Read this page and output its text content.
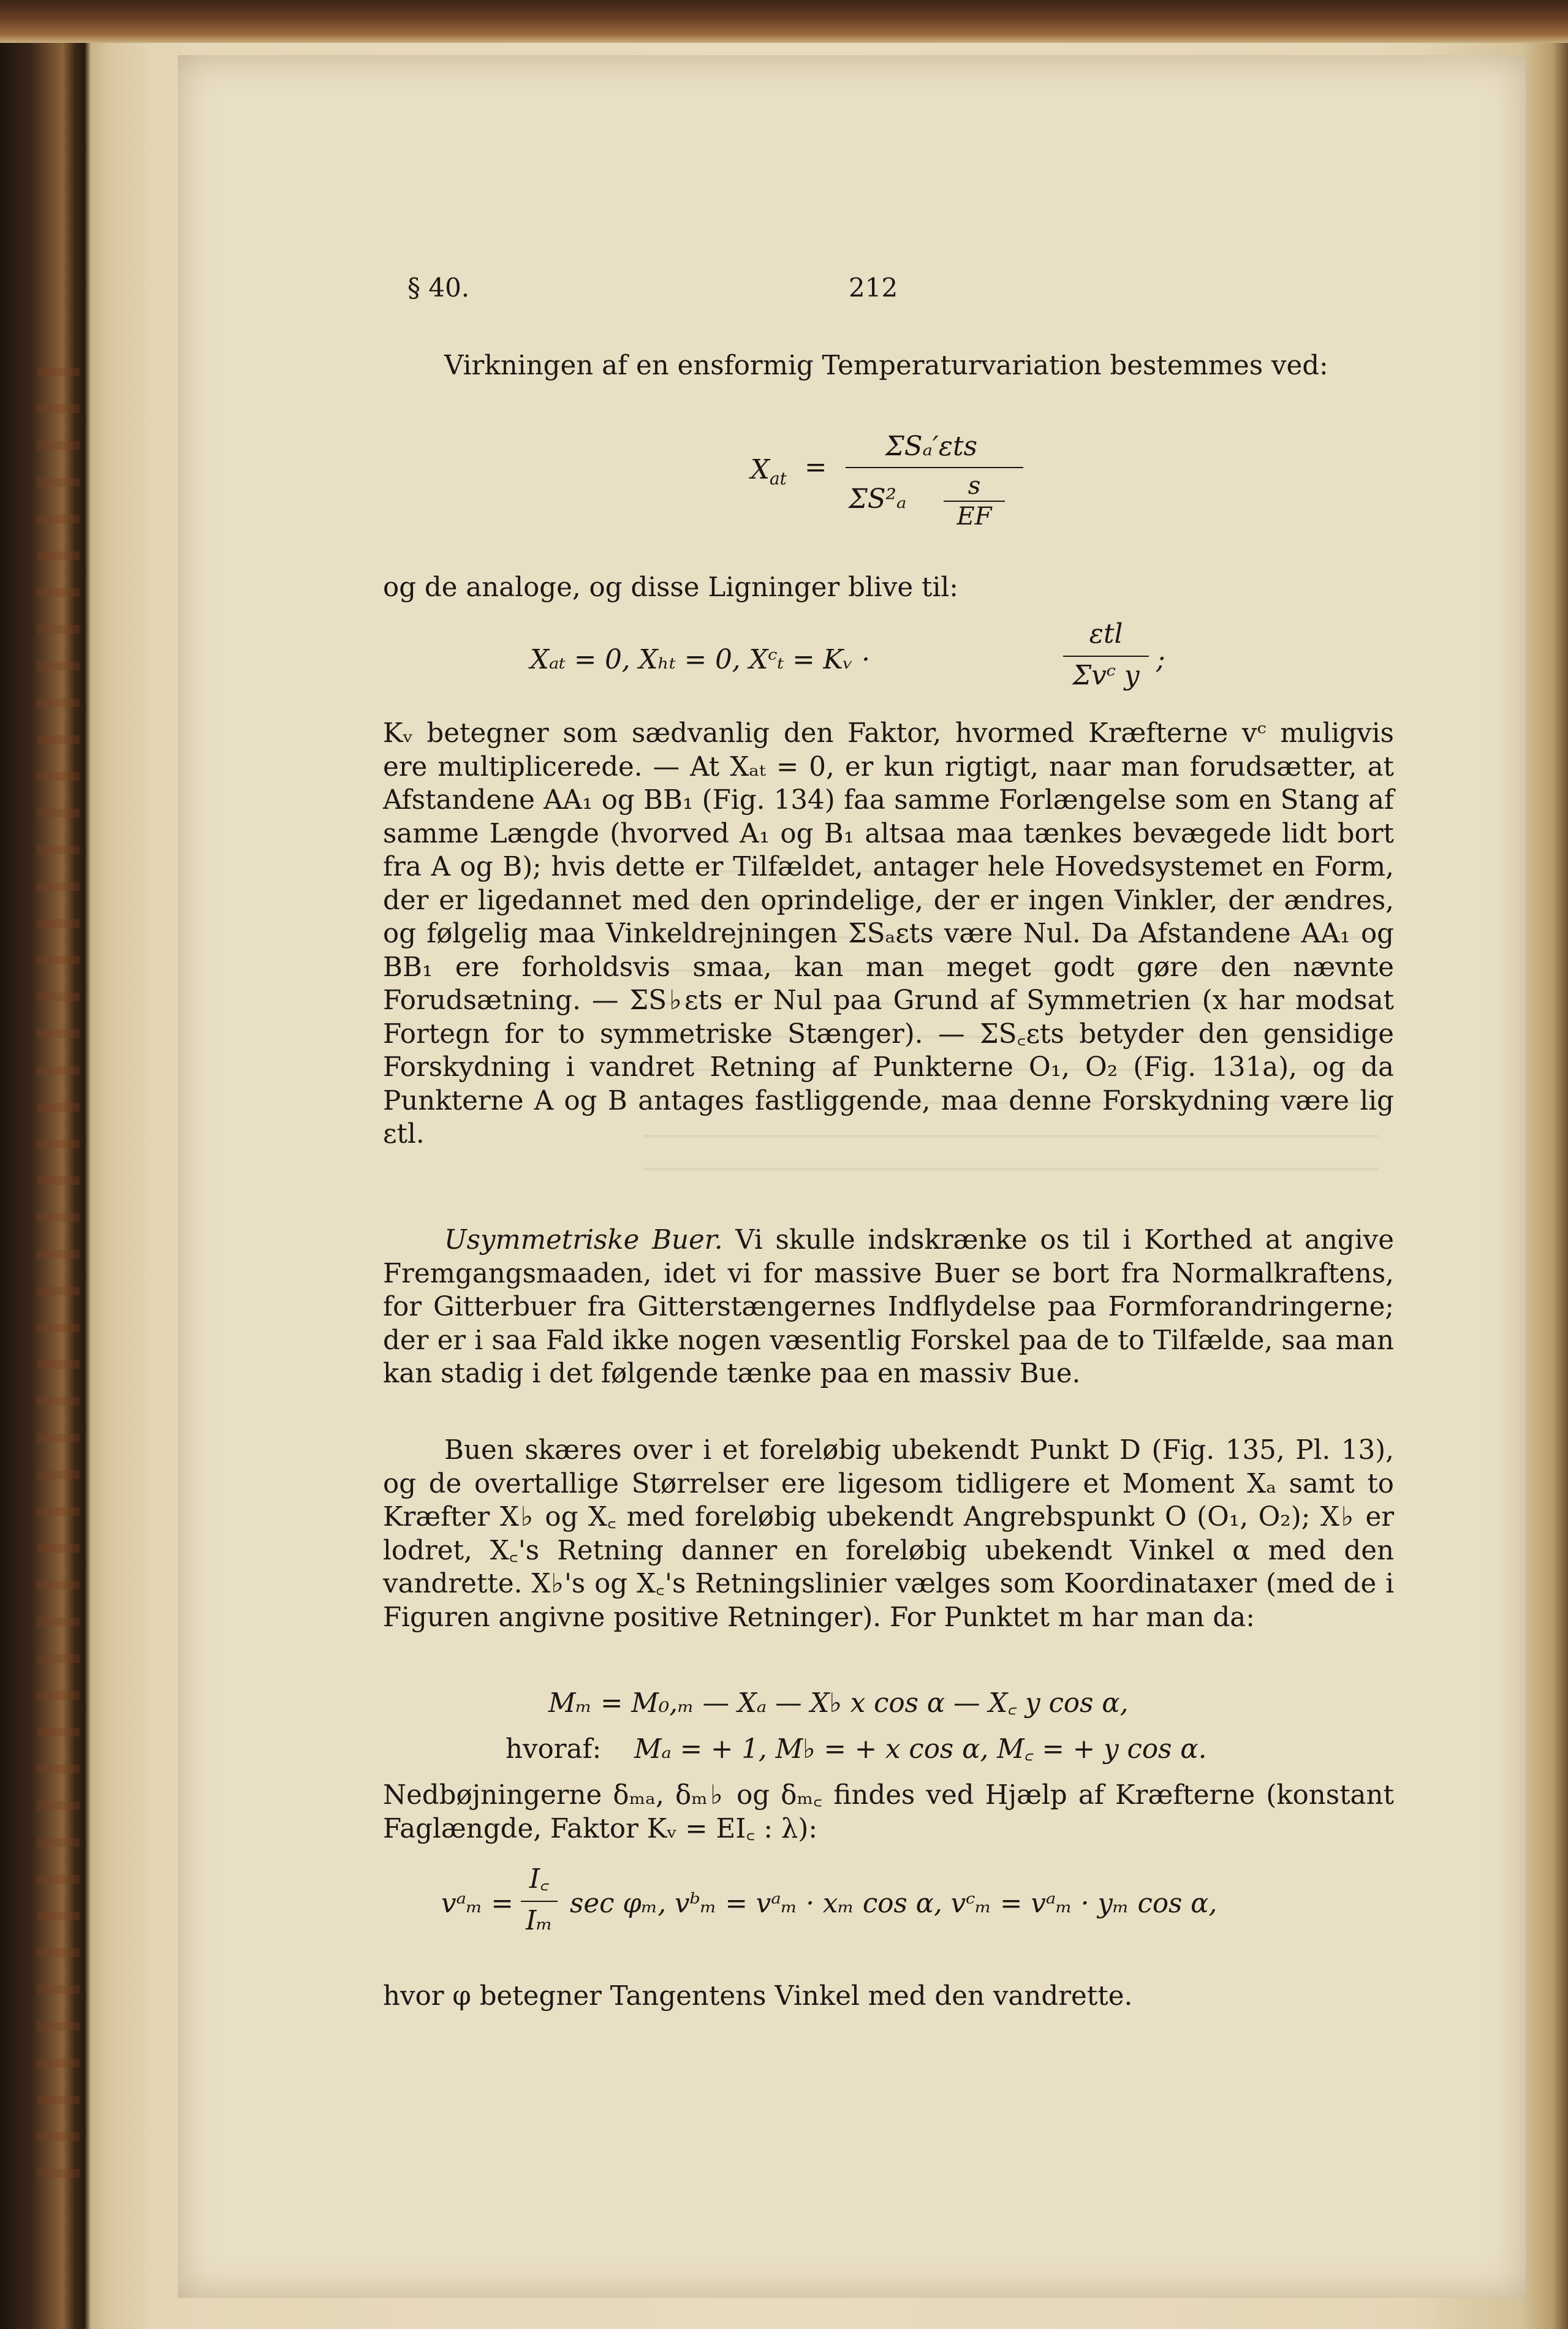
§ 40.	212

Virkningen af en ensformig Temperaturvariation bestemmes ved:

$X_{at}$ =
ΣSₐ′εts
ΣS²ₐ	s
EF

og de analoge, og disse Ligninger blive til:

Xₐₜ = 0, Xₕₜ = 0, Xᶜₜ = Kᵥ ·
εtl
Σvᶜ y
;

Kᵥ betegner som sædvanlig den Faktor, hvormed Kræfterne vᶜ muligvis ere multiplicerede. — At Xₐₜ = 0, er kun rigtigt, naar man forudsætter, at Afstandene AA₁ og BB₁ (Fig. 134) faa samme Forlængelse som en Stang af samme Længde (hvorved A₁ og B₁ altsaa maa tænkes bevægede lidt bort fra A og B); hvis dette er Tilfældet, antager hele Hovedsystemet en Form, der er ligedannet med den oprindelige, der er ingen Vinkler, der ændres, og følgelig maa Vinkeldrejningen ΣSₐεts være Nul. Da Afstandene AA₁ og BB₁ ere forholdsvis smaa, kan man meget godt gøre den nævnte Forudsætning. — ΣS♭εts er Nul paa Grund af Symmetrien (x har modsat Fortegn for to symmetriske Stænger). — ΣS꜀εts betyder den gensidige Forskydning i vandret Retning af Punkterne O₁, O₂ (Fig. 131a), og da Punkterne A og B antages fastliggende, maa denne Forskydning være lig εtl.

Usymmetriske Buer. Vi skulle indskrænke os til i Korthed at angive Fremgangsmaaden, idet vi for massive Buer se bort fra Normalkraftens, for Gitterbuer fra Gitterstængernes Indflydelse paa Formforandringerne; der er i saa Fald ikke nogen væsentlig Forskel paa de to Tilfælde, saa man kan stadig i det følgende tænke paa en massiv Bue.

Buen skæres over i et foreløbig ubekendt Punkt D (Fig. 135, Pl. 13), og de overtallige Størrelser ere ligesom tidligere et Moment Xₐ samt to Kræfter X♭ og X꜀ med foreløbig ubekendt Angrebspunkt O (O₁, O₂); X♭ er lodret, X꜀'s Retning danner en foreløbig ubekendt Vinkel α med den vandrette. X♭'s og X꜀'s Retningslinier vælges som Koordinataxer (med de i Figuren angivne positive Retninger). For Punktet m har man da:

Mₘ = M₀,ₘ — Xₐ — X♭ x cos α — X꜀ y cos α,
hvoraf: Mₐ = + 1, M♭ = + x cos α, M꜀ = + y cos α.

Nedbøjningerne δₘₐ, δₘ♭ og δₘ꜀ findes ved Hjælp af Kræfterne (konstant Faglængde, Faktor Kᵥ = EI꜀ : λ):

vᵃₘ =
I꜀
Iₘ
sec φₘ, vᵇₘ = vᵃₘ · xₘ cos α, vᶜₘ = vᵃₘ · yₘ cos α,

hvor φ betegner Tangentens Vinkel med den vandrette.
